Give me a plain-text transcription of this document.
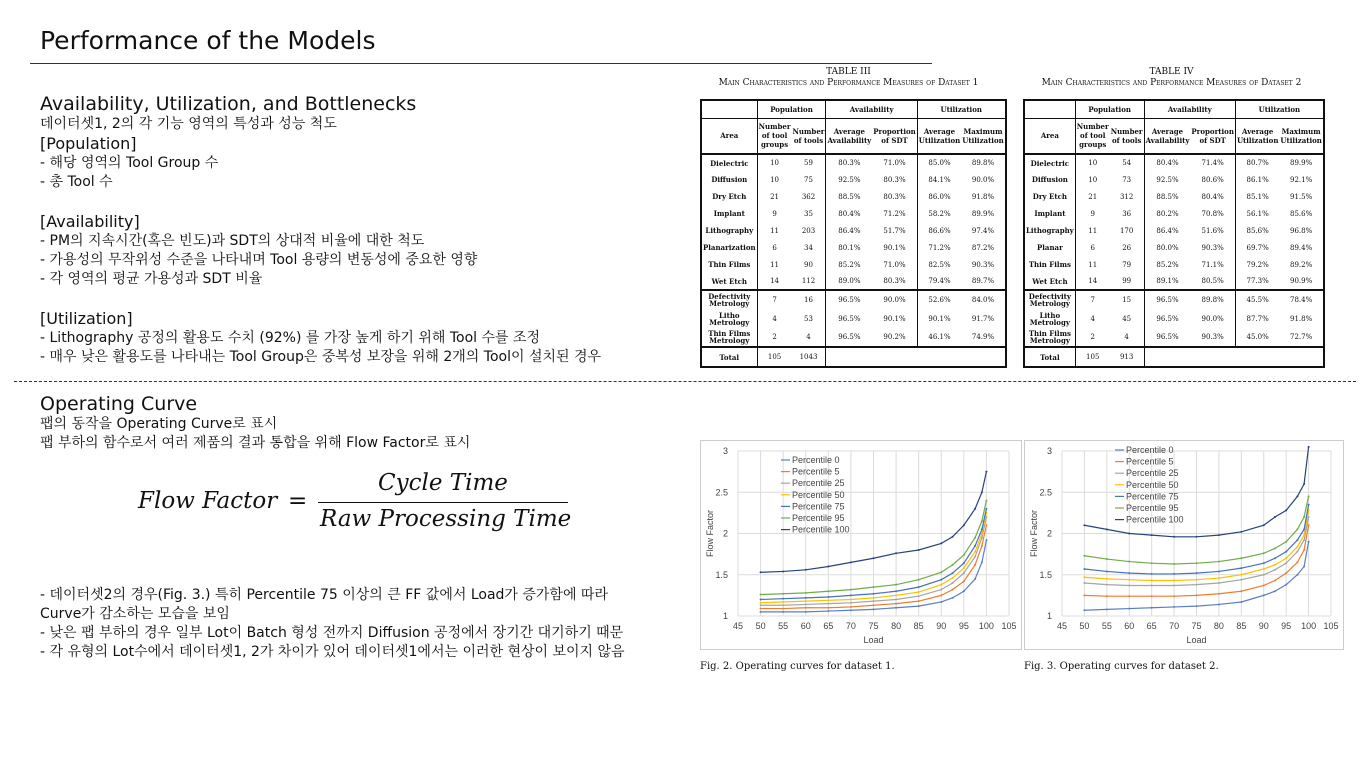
Performance of the Models
Availability, Utilization, and Bottlenecks
데이터셋1, 2의 각 기능 영역의 특성과 성능 척도
[Population]
- 해당 영역의 Tool Group 수
- 총 Tool 수
[Availability]
- PM의 지속시간(혹은 빈도)과 SDT의 상대적 비율에 대한 척도
- 가용성의 무작위성 수준을 나타내며 Tool 용량의 변동성에 중요한 영향
- 각 영역의 평균 가용성과 SDT 비율
[Utilization]
- Lithography 공정의 활용도 수치 (92%) 를 가장 높게 하기 위해 Tool 수를 조정
- 매우 낮은 활용도를 나타내는 Tool Group은 중복성 보장을 위해 2개의 Tool이 설치된 경우
Operating Curve
팹의 동작을 Operating Curve로 표시
팹 부하의 함수로서 여러 제품의 결과 통합을 위해 Flow Factor로 표시
Flow Factor =
Cycle Time
Raw Processing Time
- 데이터셋2의 경우(Fig. 3.) 특히 Percentile 75 이상의 큰 FF 값에서 Load가 증가함에 따라
Curve가 감소하는 모습을 보임
- 낮은 팹 부하의 경우 일부 Lot이 Batch 형성 전까지 Diffusion 공정에서 장기간 대기하기 때문
- 각 유형의 Lot수에서 데이터셋1, 2가 차이가 있어 데이터셋1에서는 이러한 현상이 보이지 않음
TABLE III
Main Characteristics and Performance Measures of Dataset 1
	Population		Availability		Utilization	
Area	Number of tool groups	Number of tools	Average Availability	Proportion of SDT	Average Utilization	Maximum Utilization
Dielectric	10	59	80.3%	71.0%	85.0%	89.8%
Diffusion	10	75	92.5%	80.3%	84.1%	90.0%
Dry Etch	21	362	88.5%	80.3%	86.0%	91.8%
Implant	9	35	80.4%	71.2%	58.2%	89.9%
Lithography	11	203	86.4%	51.7%	86.6%	97.4%
Planarization	6	34	80.1%	90.1%	71.2%	87.2%
Thin Films	11	90	85.2%	71.0%	82.5%	90.3%
Wet Etch	14	112	89.0%	80.3%	79.4%	89.7%
Defectivity Metrology	7	16	96.5%	90.0%	52.6%	84.0%
Litho Metrology	4	53	96.5%	90.1%	90.1%	91.7%
Thin Films Metrology	2	4	96.5%	90.2%	46.1%	74.9%
Total	105	1043				
TABLE IV
Main Characteristics and Performance Measures of Dataset 2
	Population		Availability		Utilization	
Area	Number of tool groups	Number of tools	Average Availability	Proportion of SDT	Average Utilization	Maximum Utilization
Dielectric	10	54	80.4%	71.4%	80.7%	89.9%
Diffusion	10	73	92.5%	80.6%	86.1%	92.1%
Dry Etch	21	312	88.5%	80.4%	85.1%	91.5%
Implant	9	36	80.2%	70.8%	56.1%	85.6%
Lithography	11	170	86.4%	51.6%	85.6%	96.8%
Planar	6	26	80.0%	90.3%	69.7%	89.4%
Thin Films	11	79	85.2%	71.1%	79.2%	89.2%
Wet Etch	14	99	89.1%	80.5%	77.3%	90.9%
Defectivity Metrology	7	15	96.5%	89.8%	45.5%	78.4%
Litho Metrology	4	45	96.5%	90.0%	87.7%	91.8%
Thin Films Metrology	2	4	96.5%	90.3%	45.0%	72.7%
Total	105	913				
1
1.5
2
2.5
3
45 50 55 60 65 70 75 80 85 90 95 100 105
Load
Flow Factor
Percentile 0
Percentile 5
Percentile 25
Percentile 50
Percentile 75
Percentile 95
Percentile 100
Fig. 2. Operating curves for dataset 1.
1
1.5
2
2.5
3
45 50 55 60 65 70 75 80 85 90 95 100 105
Load
Flow Factor
Percentile 0
Percentile 5
Percentile 25
Percentile 50
Percentile 75
Percentile 95
Percentile 100
Fig. 3. Operating curves for dataset 2.
